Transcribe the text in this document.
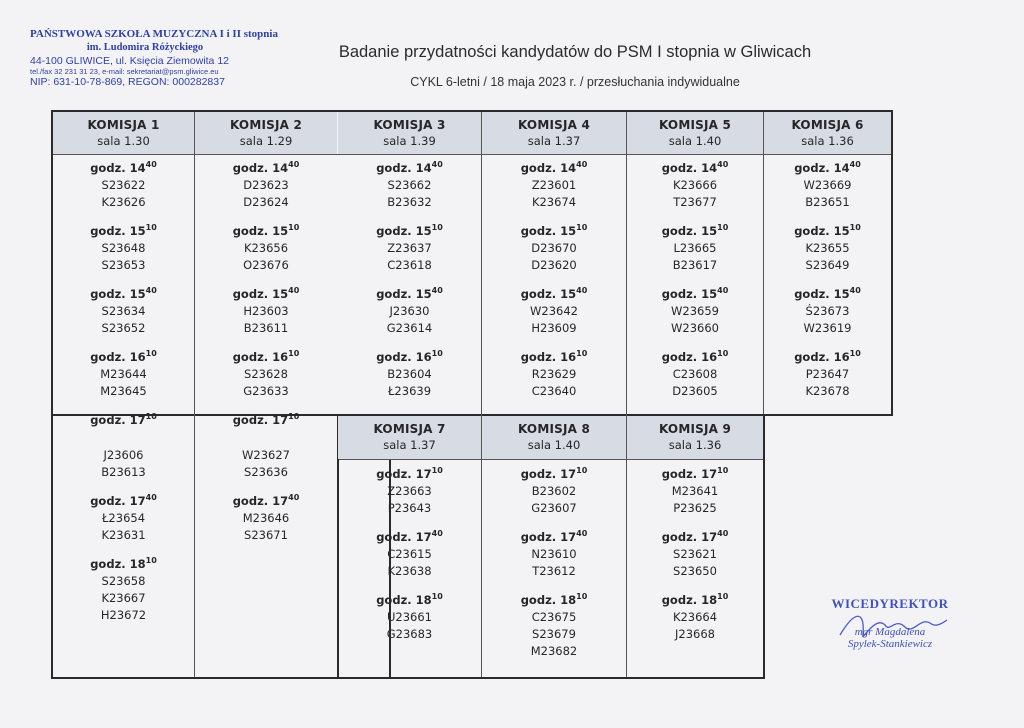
PAŃSTWOWA SZKOŁA MUZYCZNA I i II stopnia
im. Ludomira Różyckiego
44-100 GLIWICE, ul. Księcia Ziemowita 12
tel./fax 32 231 31 23, e-mail: sekretariat@psm.gliwice.eu
NIP: 631-10-78-869, REGON: 000282837
Badanie przydatności kandydatów do PSM I stopnia w Gliwicach
CYKL 6-letni / 18 maja 2023 r. / przesłuchania indywidualne
KOMISJA 1
sala 1.30
KOMISJA 2
sala 1.29
KOMISJA 3
sala 1.39
KOMISJA 4
sala 1.37
KOMISJA 5
sala 1.40
KOMISJA 6
sala 1.36
KOMISJA 7
sala 1.37
KOMISJA 8
sala 1.40
KOMISJA 9
sala 1.36
godz. $14^{40}$
S23622
K23626
godz. $15^{10}$
S23648
S23653
godz. $15^{40}$
S23634
S23652
godz. $16^{10}$
M23644
M23645
godz. $17^{10}$
J23606
B23613
godz. $17^{40}$
Ł23654
K23631
godz. $18^{10}$
S23658
K23667
H23672
godz. $14^{40}$
D23623
D23624
godz. $15^{10}$
K23656
O23676
godz. $15^{40}$
H23603
B23611
godz. $16^{10}$
S23628
G23633
godz. $17^{10}$
W23627
S23636
godz. $17^{40}$
M23646
S23671
godz. $14^{40}$
S23662
B23632
godz. $15^{10}$
Z23637
C23618
godz. $15^{40}$
J23630
G23614
godz. $16^{10}$
B23604
Ł23639
godz. $14^{40}$
Z23601
K23674
godz. $15^{10}$
D23670
D23620
godz. $15^{40}$
W23642
H23609
godz. $16^{10}$
R23629
C23640
godz. $14^{40}$
K23666
T23677
godz. $15^{10}$
L23665
B23617
godz. $15^{40}$
W23659
W23660
godz. $16^{10}$
C23608
D23605
godz. $14^{40}$
W23669
B23651
godz. $15^{10}$
K23655
S23649
godz. $15^{40}$
Ś23673
W23619
godz. $16^{10}$
P23647
K23678
godz. $17^{10}$
Z23663
P23643
godz. $17^{40}$
C23615
K23638
godz. $18^{10}$
U23661
G23683
godz. $17^{10}$
B23602
G23607
godz. $17^{40}$
N23610
T23612
godz. $18^{10}$
C23675
S23679
M23682
godz. $17^{10}$
M23641
P23625
godz. $17^{40}$
S23621
S23650
godz. $18^{10}$
K23664
J23668
WICEDYREKTOR
mgr Magdalena
Spylek-Stankiewicz
